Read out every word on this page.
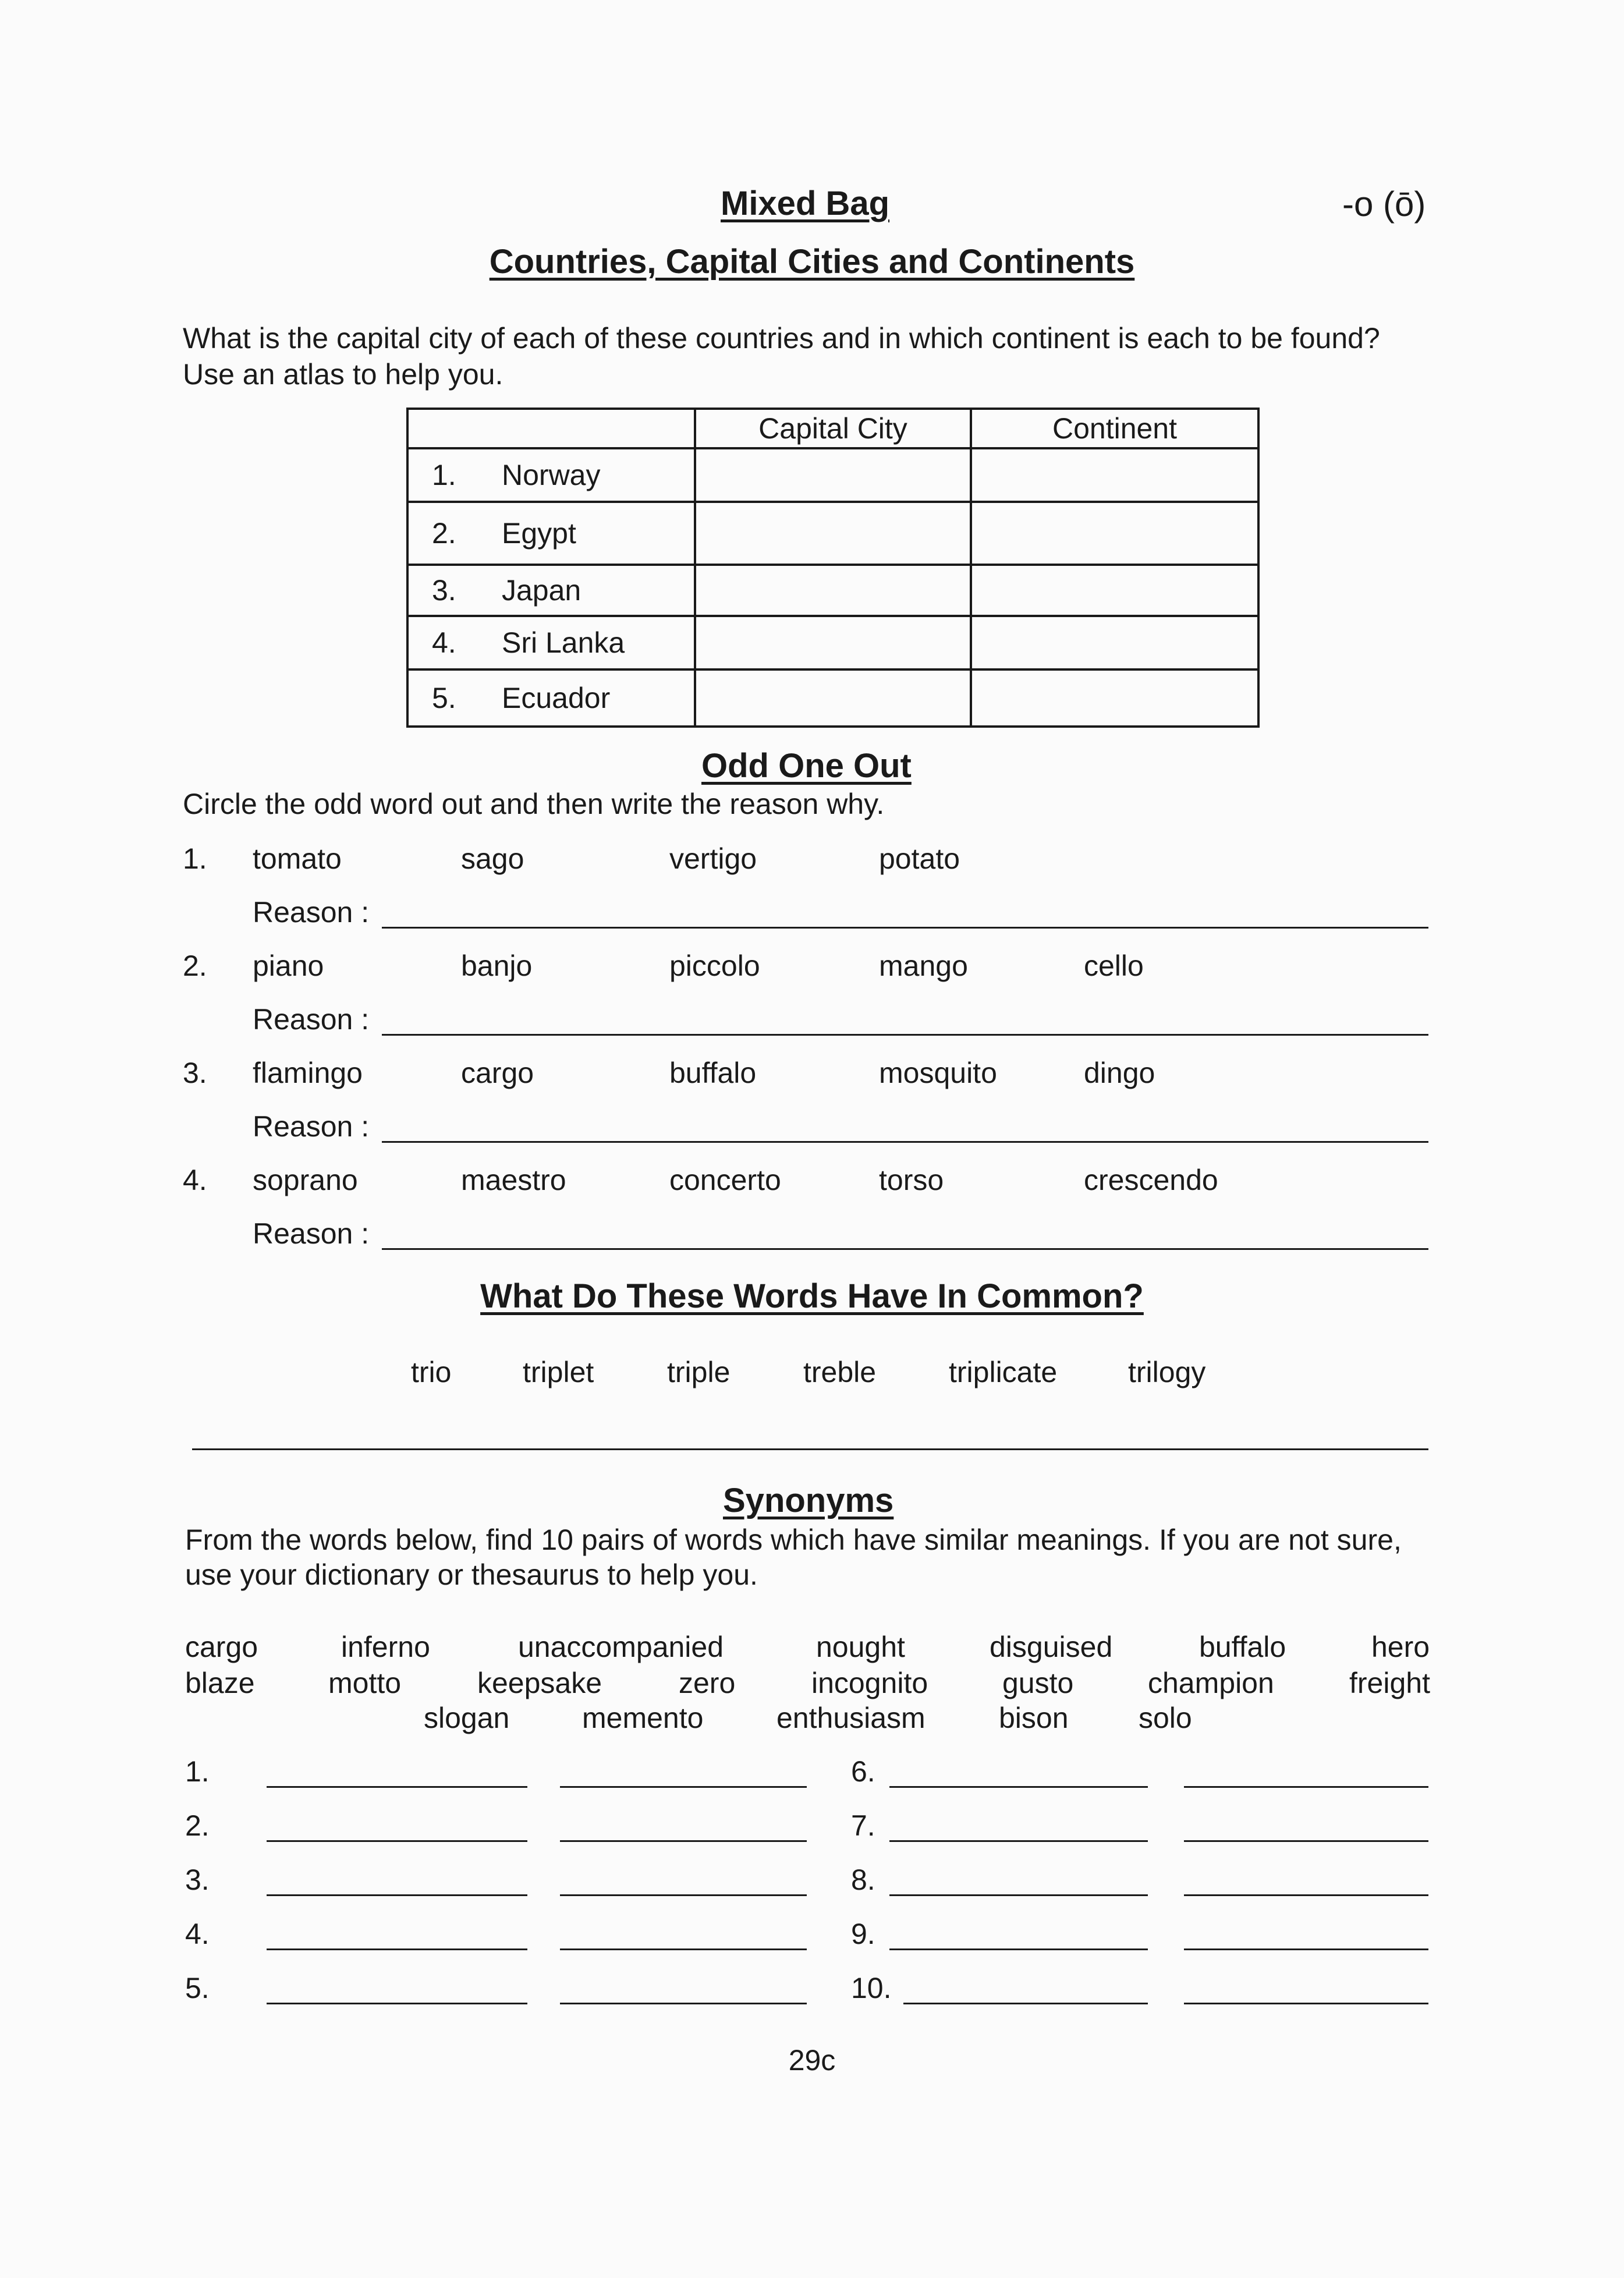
Mixed Bag	-o (ō)
Countries, Capital Cities and Continents
What is the capital city of each of these countries and in which continent is each to be found?
Use an atlas to help you.
	Capital City	Continent
1. Norway		
2. Egypt		
3. Japan		
4. Sri Lanka		
5. Ecuador		
Odd One Out
Circle the odd word out and then write the reason why.
1. tomato	sago	vertigo	potato
Reason :
2. piano	banjo	piccolo	mango	cello
Reason :
3. flamingo	cargo	buffalo	mosquito	dingo
Reason :
4. soprano	maestro	concerto	torso	crescendo
Reason :
What Do These Words Have In Common?
trio triplet	triple	treble triplicate trilogy
Synonyms
From the words below, find 10 pairs of words which have similar meanings. If you are not sure,
use your dictionary or thesaurus to help you.
cargo	inferno	unaccompanied	nought	disguised	buffalo	hero
blaze	motto	keepsake	zero	incognito	gusto	champion	freight
slogan memento	enthusiasm	bison solo
1.	6.
2.	7.
3.	8.
4.	9.
5.	10.
29c
